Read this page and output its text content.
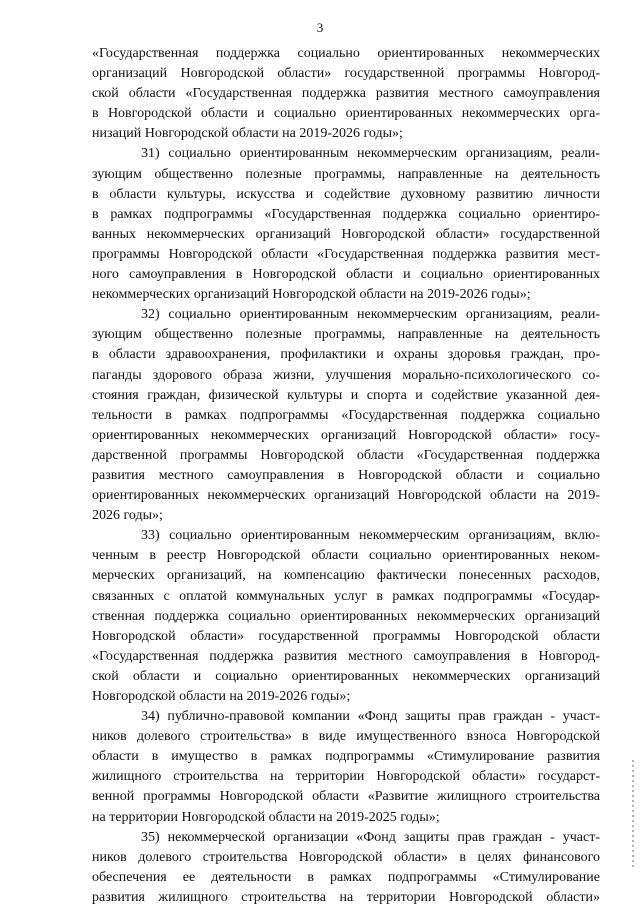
3
«Государственная поддержка социально ориентированных некоммерческих
организаций Новгородской области» государственной программы Новгород-
ской области «Государственная поддержка развития местного самоуправления
в Новгородской области и социально ориентированных некоммерческих орга-
низаций Новгородской области на 2019-2026 годы»;
31) социально ориентированным некоммерческим организациям, реали-
зующим общественно полезные программы, направленные на деятельность
в области культуры, искусства и содействие духовному развитию личности
в рамках подпрограммы «Государственная поддержка социально ориентиро-
ванных некоммерческих организаций Новгородской области» государственной
программы Новгородской области «Государственная поддержка развития мест-
ного самоуправления в Новгородской области и социально ориентированных
некоммерческих организаций Новгородской области на 2019-2026 годы»;
32) социально ориентированным некоммерческим организациям, реали-
зующим общественно полезные программы, направленные на деятельность
в области здравоохранения, профилактики и охраны здоровья граждан, про-
паганды здорового образа жизни, улучшения морально-психологического со-
стояния граждан, физической культуры и спорта и содействие указанной дея-
тельности в рамках подпрограммы «Государственная поддержка социально
ориентированных некоммерческих организаций Новгородской области» госу-
дарственной программы Новгородской области «Государственная поддержка
развития местного самоуправления в Новгородской области и социально
ориентированных некоммерческих организаций Новгородской области на 2019-
2026 годы»;
33) социально ориентированным некоммерческим организациям, вклю-
ченным в реестр Новгородской области социально ориентированных неком-
мерческих организаций, на компенсацию фактически понесенных расходов,
связанных с оплатой коммунальных услуг в рамках подпрограммы «Государ-
ственная поддержка социально ориентированных некоммерческих организаций
Новгородской области» государственной программы Новгородской области
«Государственная поддержка развития местного самоуправления в Новгород-
ской области и социально ориентированных некоммерческих организаций
Новгородской области на 2019-2026 годы»;
34) публично-правовой компании «Фонд защиты прав граждан - участ-
ников долевого строительства» в виде имущественного взноса Новгородской
области в имущество в рамках подпрограммы «Стимулирование развития
жилищного строительства на территории Новгородской области» государст-
венной программы Новгородской области «Развитие жилищного строительства
на территории Новгородской области на 2019-2025 годы»;
35) некоммерческой организации «Фонд защиты прав граждан - участ-
ников долевого строительства Новгородской области» в целях финансового
обеспечения ее деятельности в рамках подпрограммы «Стимулирование
развития жилищного строительства на территории Новгородской области»
